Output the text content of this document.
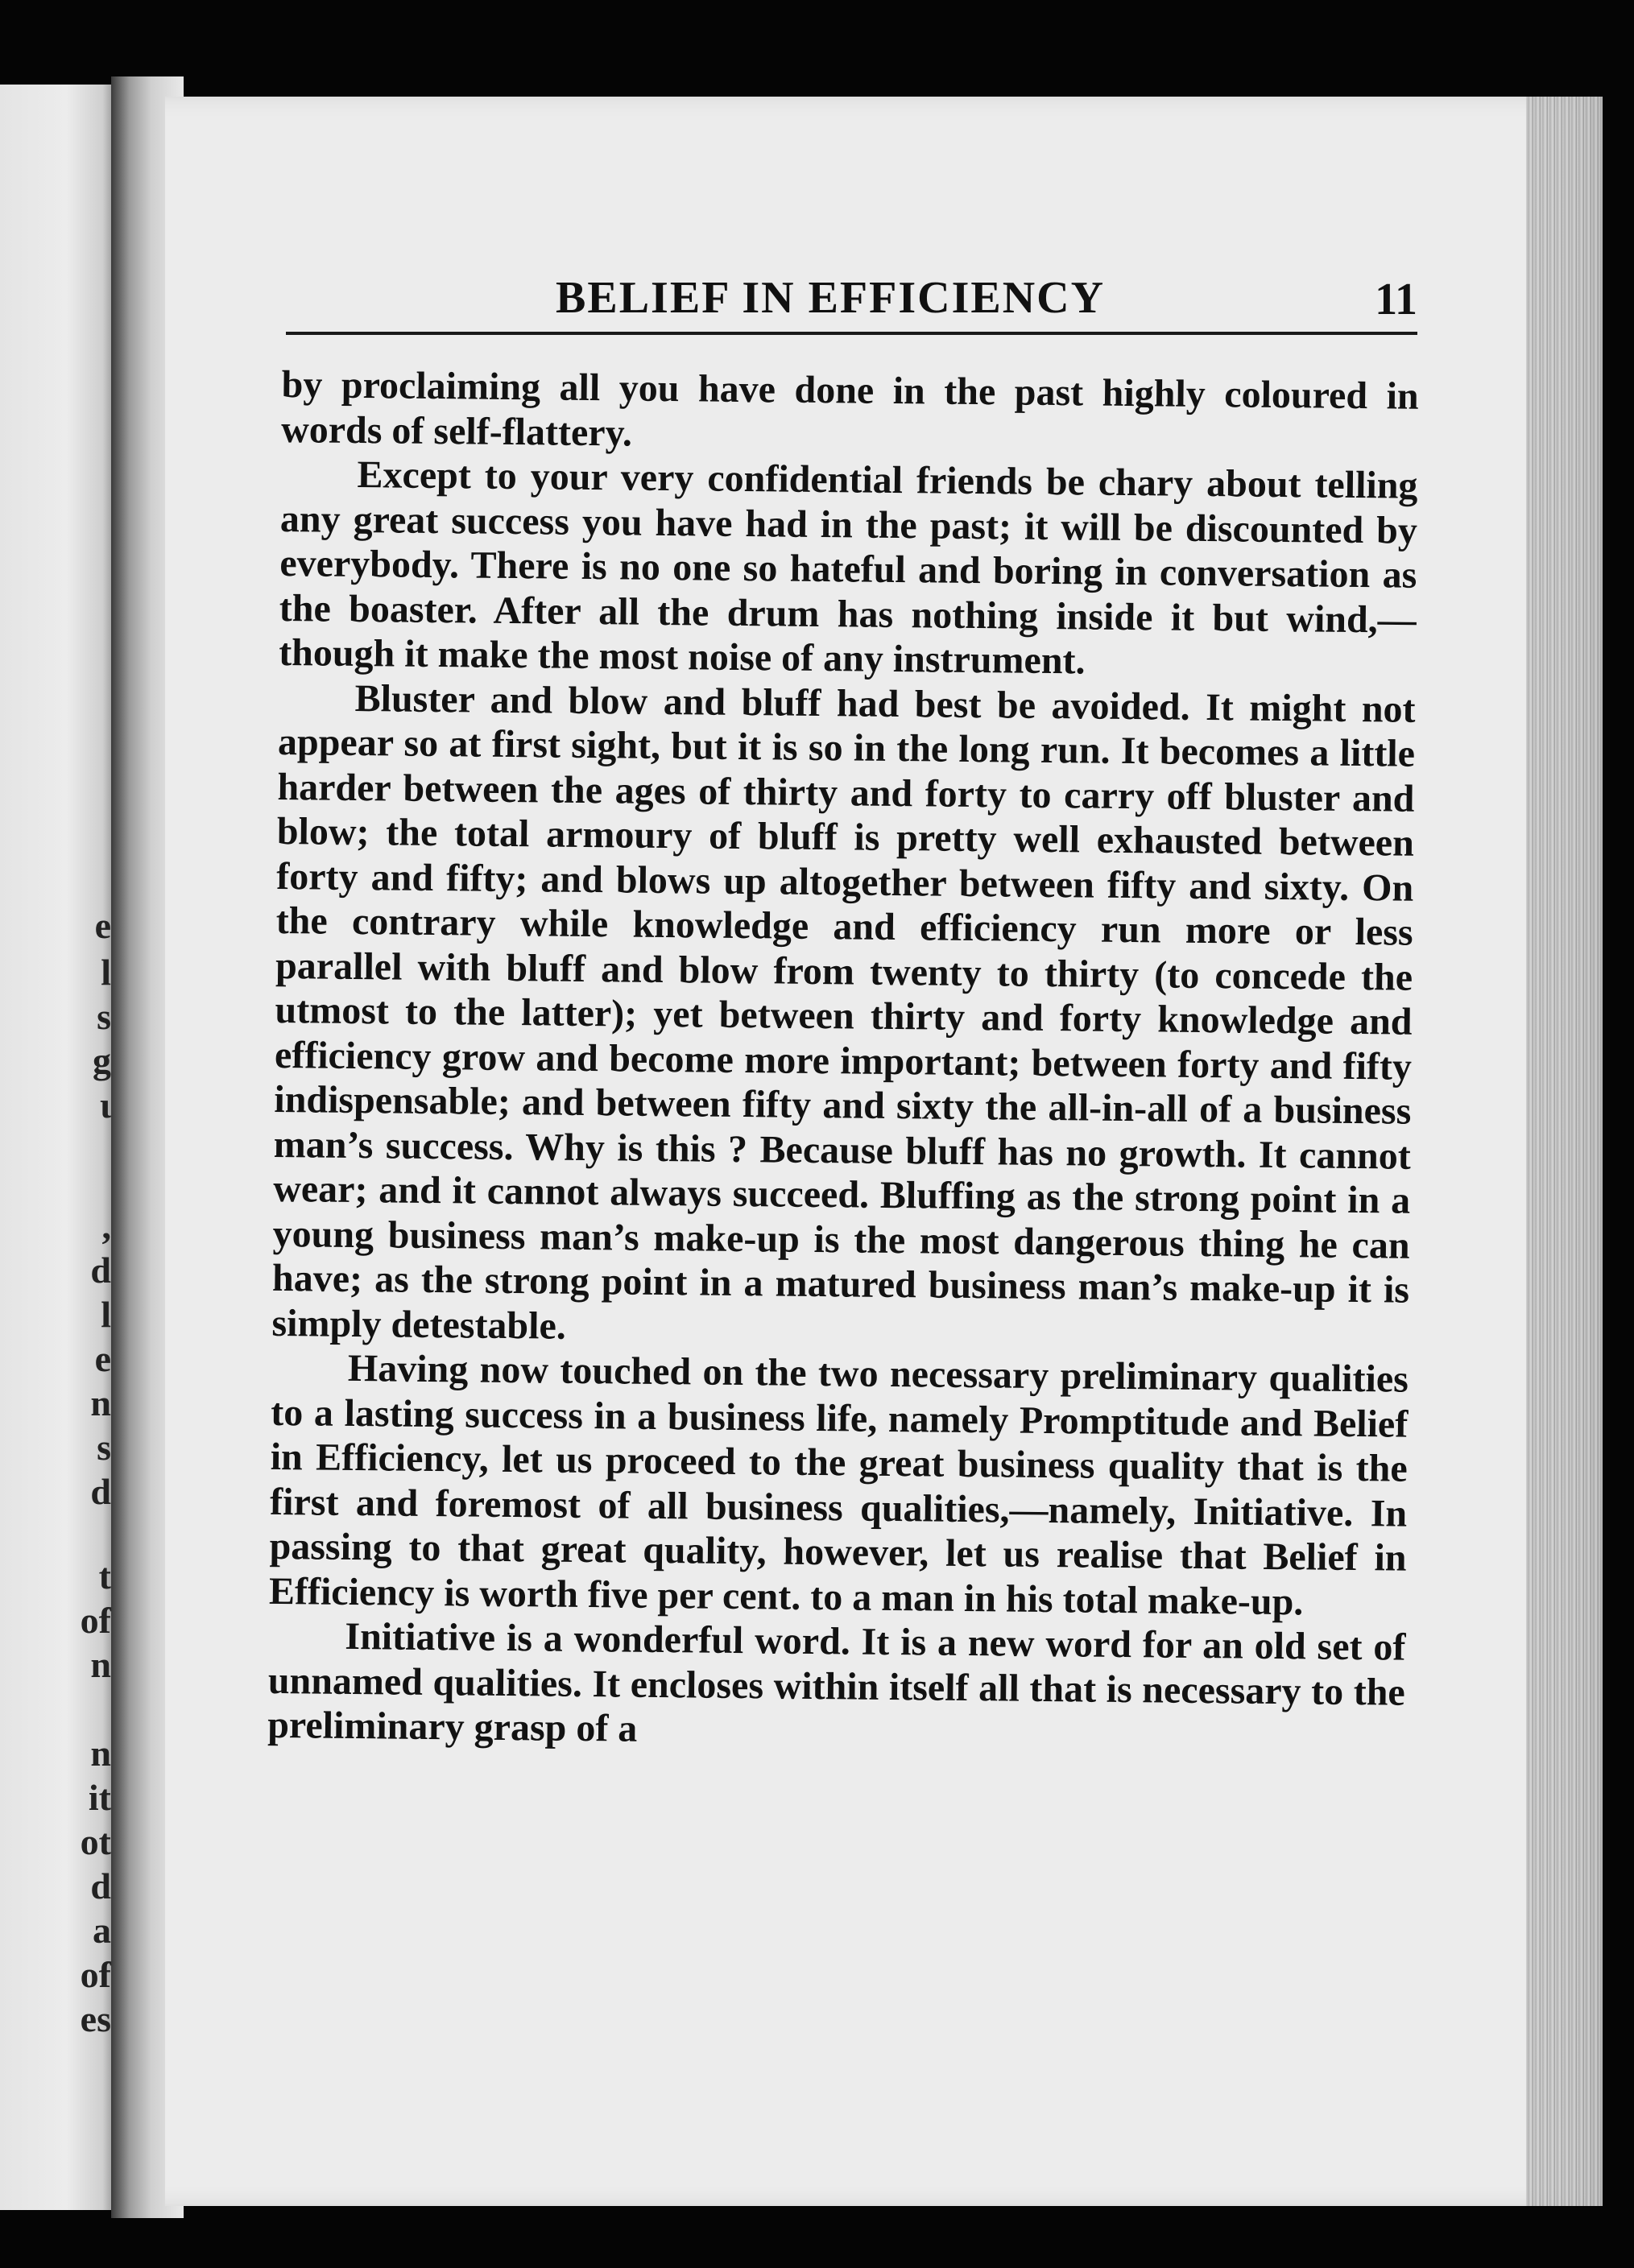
e
l
s
g
ι
,
d
l
e
n
s
d
t
of
n
n
it
ot
d
a
of
es
BELIEF IN EFFICIENCY	11

by proclaiming all you have done in the past highly coloured in words of self-flattery.

Except to your very confidential friends be chary about telling any great success you have had in the past; it will be discounted by everybody. There is no one so hateful and boring in conversation as the boaster. After all the drum has nothing inside it but wind,—though it make the most noise of any instrument.

Bluster and blow and bluff had best be avoided. It might not appear so at first sight, but it is so in the long run. It becomes a little harder between the ages of thirty and forty to carry off bluster and blow; the total armoury of bluff is pretty well exhausted between forty and fifty; and blows up altogether between fifty and sixty. On the contrary while knowledge and efficiency run more or less parallel with bluff and blow from twenty to thirty (to concede the utmost to the latter); yet between thirty and forty knowledge and efficiency grow and become more important; between forty and fifty indispensable; and between fifty and sixty the all-in-all of a business man’s success. Why is this ? Because bluff has no growth. It cannot wear; and it cannot always succeed. Bluffing as the strong point in a young business man’s make-up is the most dangerous thing he can have; as the strong point in a matured business man’s make-up it is simply detestable.

Having now touched on the two necessary preliminary qualities to a lasting success in a business life, namely Promptitude and Belief in Efficiency, let us proceed to the great business quality that is the first and foremost of all business qualities,—namely, Initiative. In passing to that great quality, however, let us realise that Belief in Efficiency is worth five per cent. to a man in his total make-up.

Initiative is a wonderful word. It is a new word for an old set of unnamed qualities. It encloses within itself all that is necessary to the preliminary grasp of a
